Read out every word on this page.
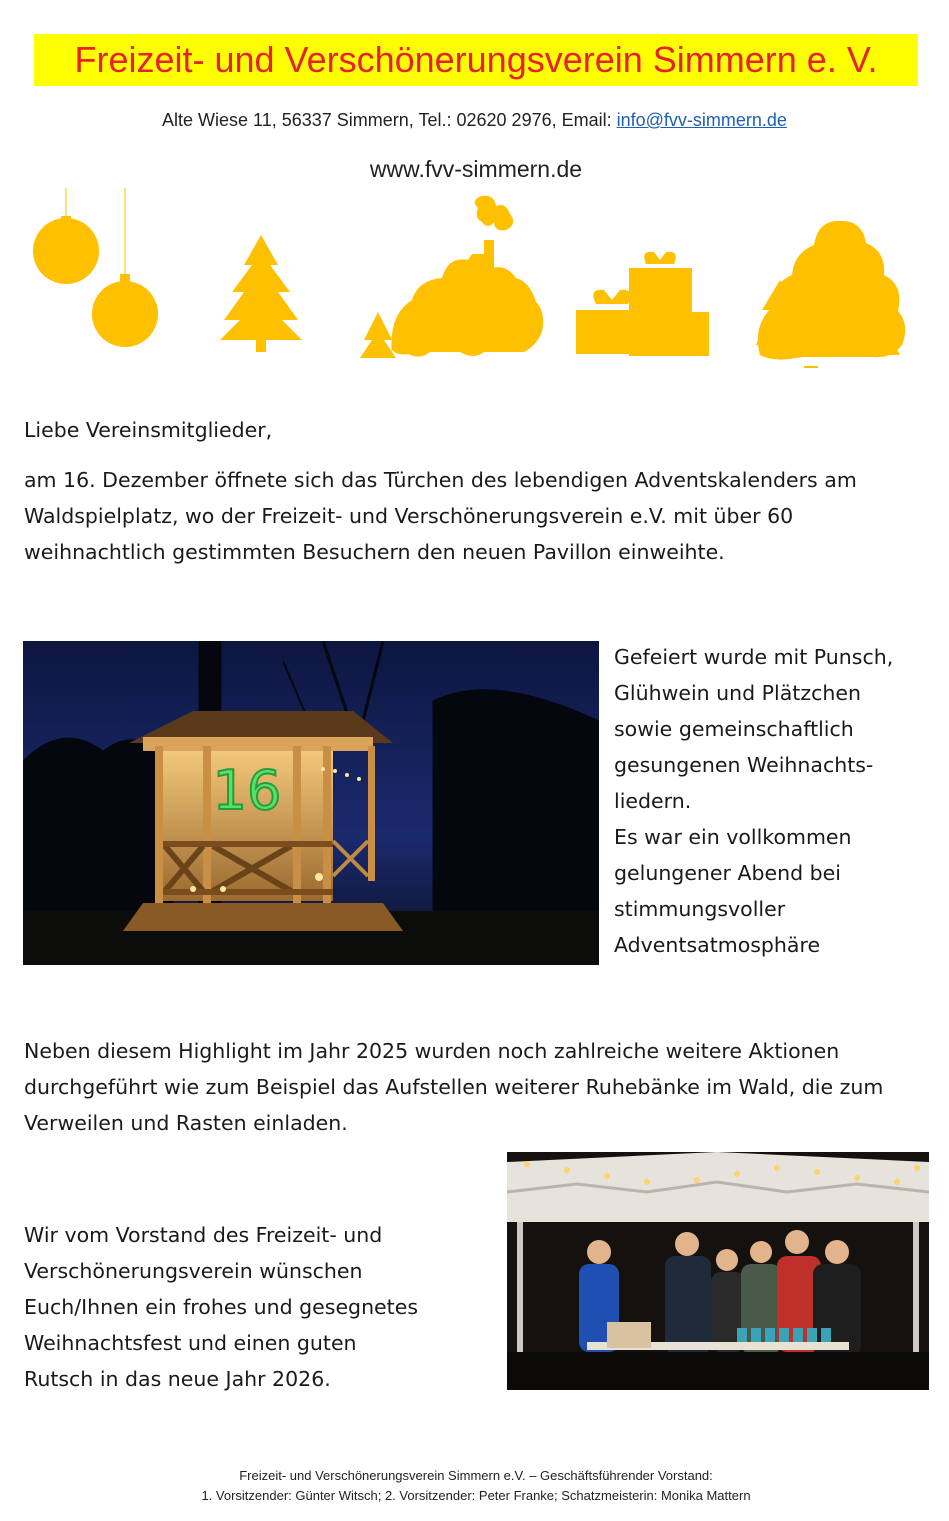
Freizeit- und Verschönerungsverein Simmern e. V.
Alte Wiese 11, 56337 Simmern, Tel.: 02620 2976, Email: info@fvv-simmern.de
www.fvv-simmern.de

Liebe Vereinsmitglieder,

am 16. Dezember öffnete sich das Türchen des lebendigen Adventskalenders am Waldspielplatz, wo der Freizeit- und Verschönerungsverein e.V. mit über 60 weihnachtlich gestimmten Besuchern den neuen Pavillon einweihte.

16
Gefeiert wurde mit Punsch,
Glühwein und Plätzchen
sowie gemeinschaftlich
gesungenen Weihnachts-
liedern.
Es war ein vollkommen
gelungener Abend bei
stimmungsvoller
Adventsatmosphäre

Neben diesem Highlight im Jahr 2025 wurden noch zahlreiche weitere Aktionen durchgeführt wie zum Beispiel das Aufstellen weiterer Ruhebänke im Wald, die zum Verweilen und Rasten einladen.

Wir vom Vorstand des Freizeit- und
Verschönerungsverein wünschen
Euch/Ihnen ein frohes und gesegnetes
Weihnachtsfest und einen guten
Rutsch in das neue Jahr 2026.
Freizeit- und Verschönerungsverein Simmern e.V. – Geschäftsführender Vorstand:
1. Vorsitzender: Günter Witsch; 2. Vorsitzender: Peter Franke; Schatzmeisterin: Monika Mattern
